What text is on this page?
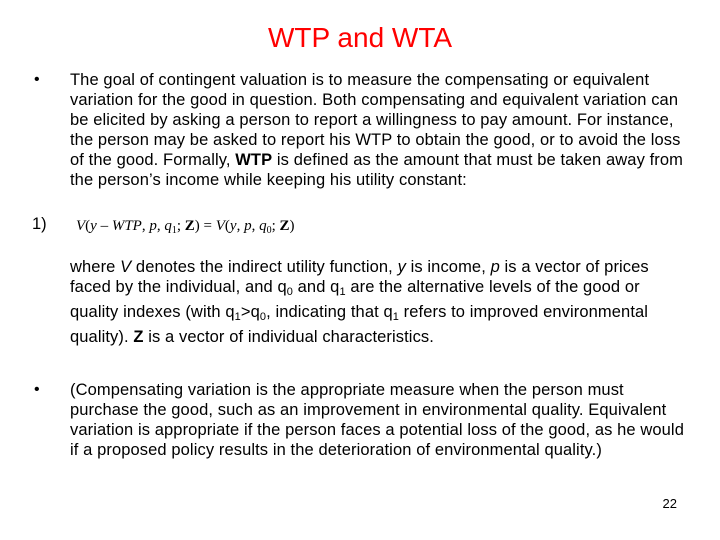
WTP and WTA
• The goal of contingent valuation is to measure the compensating or equivalent variation for the good in question. Both compensating and equivalent variation can be elicited by asking a person to report a willingness to pay amount. For instance, the person may be asked to report his WTP to obtain the good, or to avoid the loss of the good. Formally, WTP is defined as the amount that must be taken away from the person’s income while keeping his utility constant:
1) V(y – WTP, p, $q_1$; Z) = V(y, p, $q_0$; Z)
where V denotes the indirect utility function, y is income, p is a vector of prices faced by the individual, and $q_0$ and $q_1$ are the alternative levels of the good or quality indexes (with $q_1>q_0$, indicating that $q_1$ refers to improved environmental quality). Z is a vector of individual characteristics.
• (Compensating variation is the appropriate measure when the person must purchase the good, such as an improvement in environmental quality. Equivalent variation is appropriate if the person faces a potential loss of the good, as he would if a proposed policy results in the deterioration of environmental quality.)
22
